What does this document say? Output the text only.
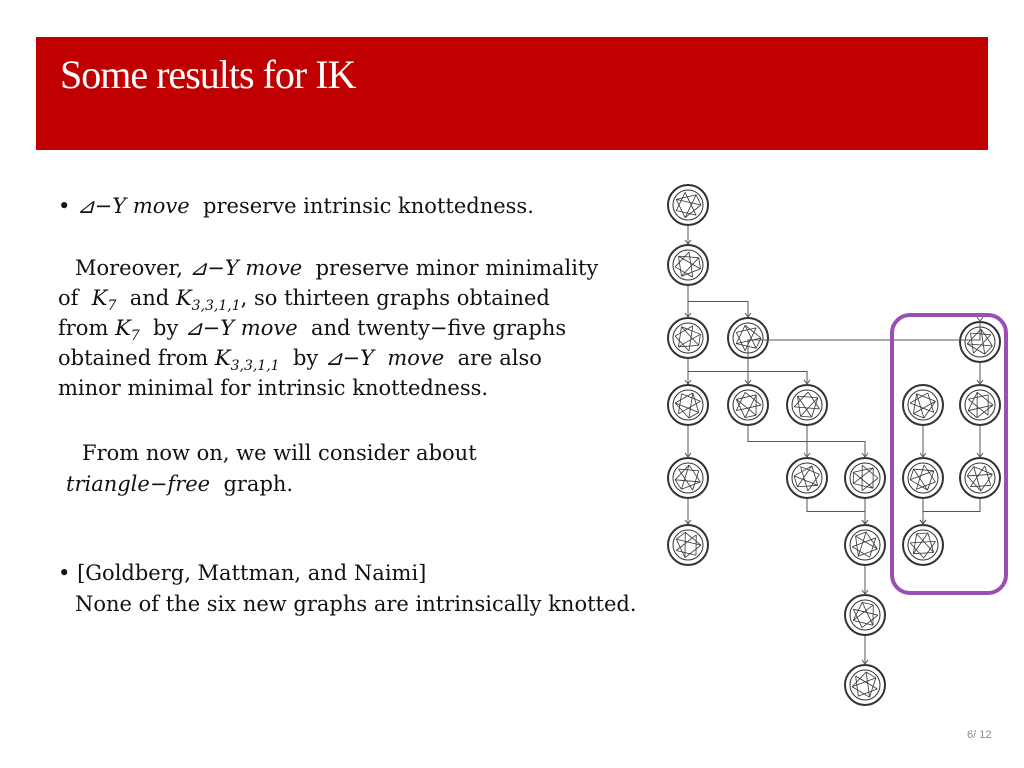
Some results for IK
• ⊿−Y move preserve intrinsic knottedness.
Moreover, ⊿−Y move preserve minor minimality
of $K_7$ and $K_{3,3,1,1}$, so thirteen graphs obtained
from $K_7$ by ⊿−Y move and twenty−five graphs
obtained from $K_{3,3,1,1}$ by ⊿−Y move are also
minor minimal for intrinsic knottedness.
From now on, we will consider about
triangle−free graph.
• [Goldberg, Mattman, and Naimi]
None of the six new graphs are intrinsically knotted.
6/ 12
